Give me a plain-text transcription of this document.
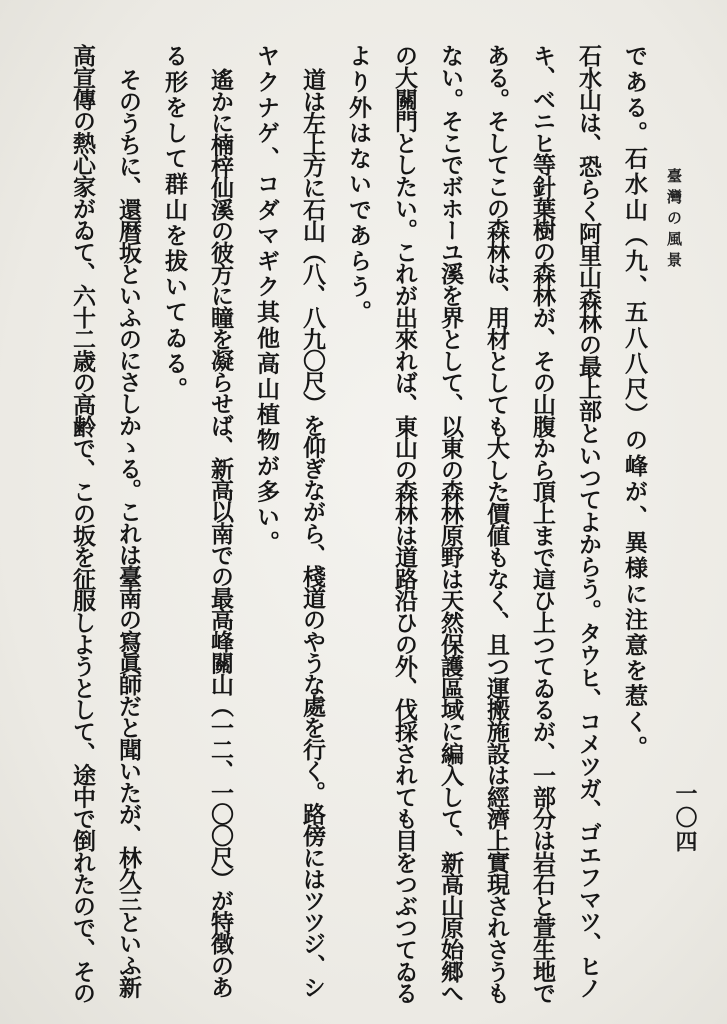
臺灣の風景
一〇四
である。石水山（九、五八八尺）の峰が、異様に注意を惹く。
石水山は、恐らく阿里山森林の最上部といつてよからう。タウヒ、コメツガ、ゴエフマツ、ヒノ
キ、ベニヒ等針葉樹の森林が、その山腹から頂上まで這ひ上つてゐるが、一部分は岩石と萱生地で
ある。そしてこの森林は、用材としても大した價値もなく、且つ運搬施設は經濟上實現されさうも
ない。そこでボホーユ溪を界として、以東の森林原野は天然保護區域に編入して、新高山原始郷へ
の大關門としたい。これが出來れば、東山の森林は道路沿ひの外、伐採されても目をつぶつてゐる
より外はないであらう。
道は左上方に石山（八、八九〇尺）を仰ぎながら、棧道のやうな處を行く。路傍にはツツジ、シ
ヤクナゲ、コダマギク其他高山植物が多い。
遙かに楠梓仙溪の彼方に瞳を凝らせば、新高以南での最高峰關山（一二、一〇〇尺）が特徴のあ
る形をして群山を拔いてゐる。
そのうちに、還暦坂といふのにさしかゝる。これは臺南の寫眞師だと聞いたが、林久三といふ新
高宣傳の熱心家がゐて、六十二歳の高齢で、この坂を征服しようとして、途中で倒れたので、その
